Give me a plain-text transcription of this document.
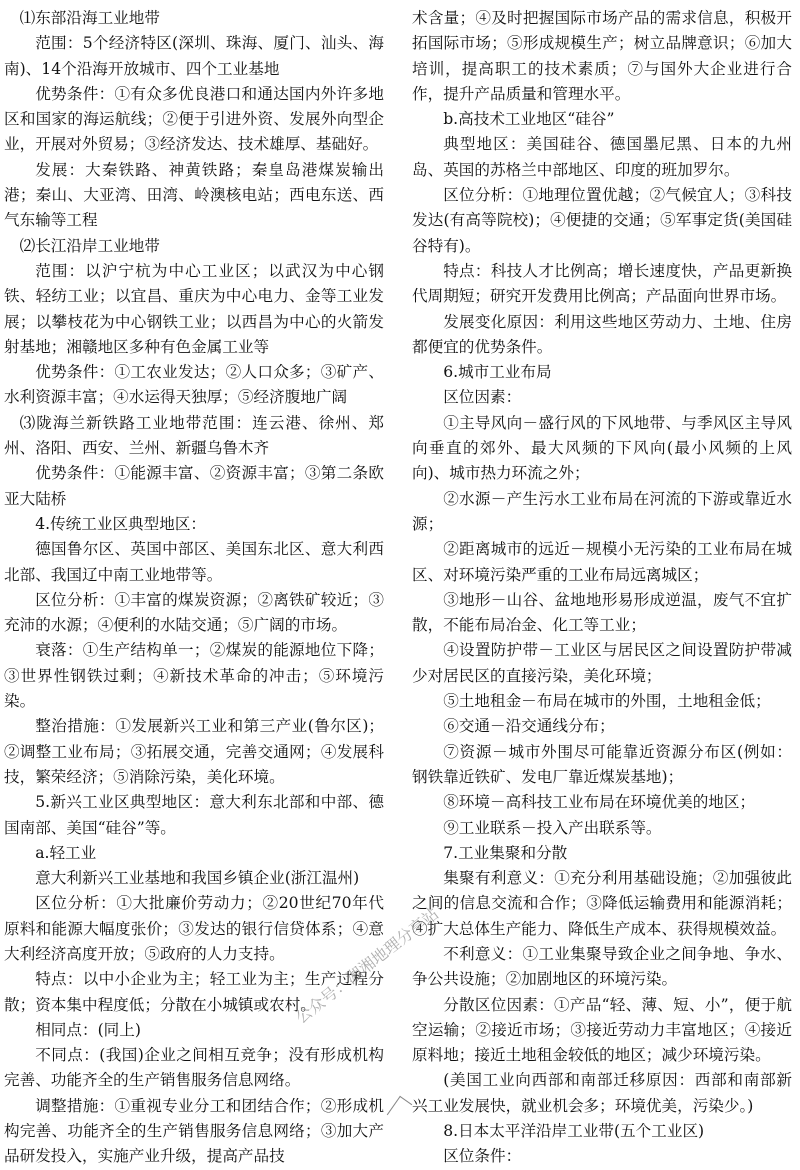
⑴东部沿海工业地带

范围：5个经济特区(深圳、珠海、厦门、汕头、海南)、14个沿海开放城市、四个工业基地

优势条件：①有众多优良港口和通达国内外许多地区和国家的海运航线；②便于引进外资、发展外向型企业，开展对外贸易；③经济发达、技术雄厚、基础好。

发展：大秦铁路、神黄铁路；秦皇岛港煤炭输出港；秦山、大亚湾、田湾、岭澳核电站；西电东送、西气东输等工程

⑵长江沿岸工业地带

范围：以沪宁杭为中心工业区；以武汉为中心钢铁、轻纺工业；以宜昌、重庆为中心电力、金等工业发展；以攀枝花为中心钢铁工业；以西昌为中心的火箭发射基地；湘赣地区多种有色金属工业等

优势条件：①工农业发达；②人口众多；③矿产、水利资源丰富；④水运得天独厚；⑤经济腹地广阔

⑶陇海兰新铁路工业地带范围：连云港、徐州、郑州、洛阳、西安、兰州、新疆乌鲁木齐

优势条件：①能源丰富、②资源丰富；③第二条欧亚大陆桥

4.传统工业区典型地区：

德国鲁尔区、英国中部区、美国东北区、意大利西北部、我国辽中南工业地带等。

区位分析：①丰富的煤炭资源；②离铁矿较近；③充沛的水源；④便利的水陆交通；⑤广阔的市场。

衰落：①生产结构单一；②煤炭的能源地位下降；③世界性钢铁过剩；④新技术革命的冲击；⑤环境污染。

整治措施：①发展新兴工业和第三产业(鲁尔区)；②调整工业布局；③拓展交通，完善交通网；④发展科技，繁荣经济；⑤消除污染，美化环境。

5.新兴工业区典型地区：意大利东北部和中部、德国南部、美国“硅谷”等。

a.轻工业

意大利新兴工业基地和我国乡镇企业(浙江温州)

区位分析：①大批廉价劳动力；②20世纪70年代原料和能源大幅度张价；③发达的银行信贷体系；④意大利经济高度开放；⑤政府的人力支持。

特点：以中小企业为主；轻工业为主；生产过程分散；资本集中程度低；分散在小城镇或农村。

相同点：(同上)

不同点：(我国)企业之间相互竞争；没有形成机构完善、功能齐全的生产销售服务信息网络。

调整措施：①重视专业分工和团结合作；②形成机构完善、功能齐全的生产销售服务信息网络；③加大产品研发投入，实施产业升级，提高产品技

术含量；④及时把握国际市场产品的需求信息，积极开拓国际市场；⑤形成规模生产；树立品牌意识；⑥加大培训，提高职工的技术素质；⑦与国外大企业进行合作，提升产品质量和管理水平。

b.高技术工业地区“硅谷”

典型地区：美国硅谷、德国墨尼黑、日本的九州岛、英国的苏格兰中部地区、印度的班加罗尔。

区位分析：①地理位置优越；②气候宜人；③科技发达(有高等院校)；④便捷的交通；⑤军事定货(美国硅谷特有)。

特点：科技人才比例高；增长速度快，产品更新换代周期短；研究开发费用比例高；产品面向世界市场。

发展变化原因：利用这些地区劳动力、土地、住房都便宜的优势条件。

6.城市工业布局

区位因素：

①主导风向－盛行风的下风地带、与季风区主导风向垂直的郊外、最大风频的下风向(最小风频的上风向)、城市热力环流之外；

②水源－产生污水工业布局在河流的下游或靠近水源；

②距离城市的远近－规模小无污染的工业布局在城区、对环境污染严重的工业布局远离城区；

③地形－山谷、盆地地形易形成逆温，废气不宜扩散，不能布局冶金、化工等工业；

④设置防护带－工业区与居民区之间设置防护带减少对居民区的直接污染，美化环境；

⑤土地租金－布局在城市的外围，土地租金低；

⑥交通－沿交通线分布；

⑦资源－城市外围尽可能靠近资源分布区(例如：钢铁靠近铁矿、发电厂靠近煤炭基地)；

⑧环境－高科技工业布局在环境优美的地区；

⑨工业联系－投入产出联系等。

7.工业集聚和分散

集聚有利意义：①充分利用基础设施；②加强彼此之间的信息交流和合作；③降低运输费用和能源消耗；④扩大总体生产能力、降低生产成本、获得规模效益。

不利意义：①工业集聚导致企业之间争地、争水、争公共设施；②加剧地区的环境污染。

分散区位因素：①产品“轻、薄、短、小”，便于航空运输；②接近市场；③接近劳动力丰富地区；④接近原料地；接近土地租金较低的地区；减少环境污染。

(美国工业向西部和南部迁移原因：西部和南部新兴工业发展快，就业机会多；环境优美，污染少。)

8.日本太平洋沿岸工业带(五个工业区)

区位条件：

公众号：湘湘地理分享站
